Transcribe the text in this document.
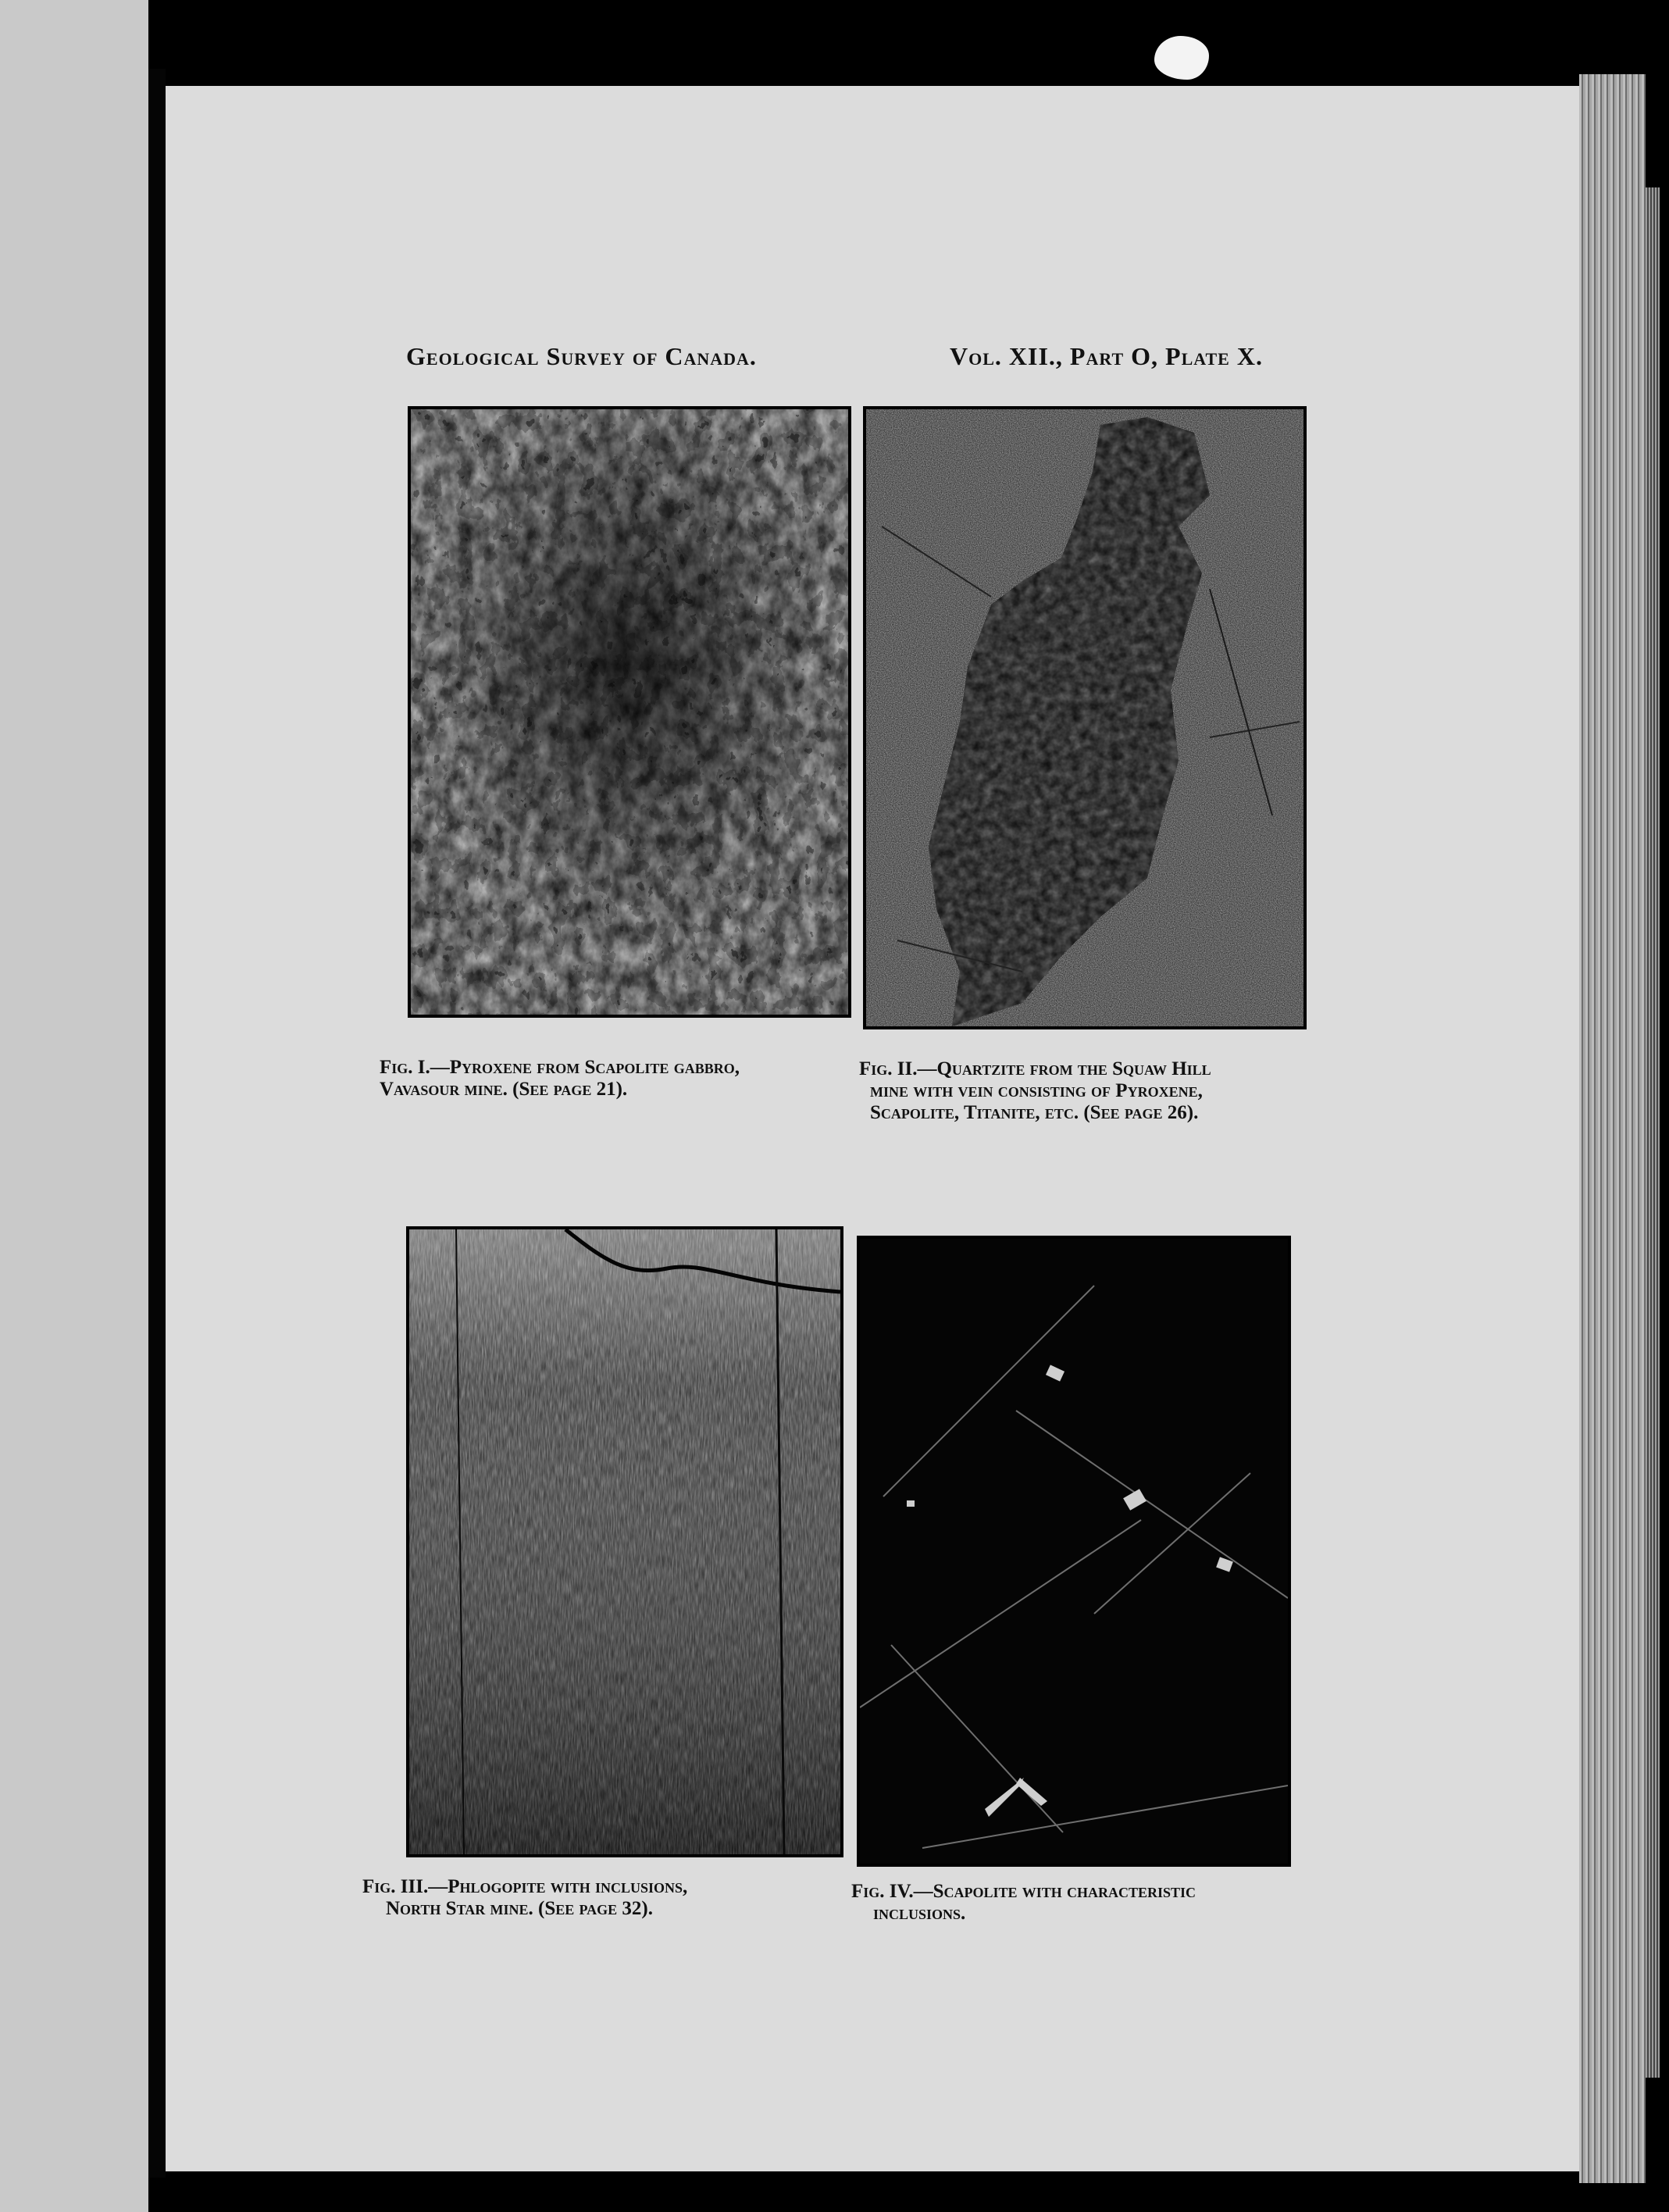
Geological Survey of Canada.	Vol. XII., Part O, Plate X.
Fig. I.—Pyroxene from Scapolite gabbro,
Vavasour mine. (See page 21).
Fig. II.—Quartzite from the Squaw Hill
mine with vein consisting of Pyroxene,
Scapolite, Titanite, etc. (See page 26).
Fig. III.—Phlogopite with inclusions,
North Star mine. (See page 32).
Fig. IV.—Scapolite with characteristic
inclusions.
